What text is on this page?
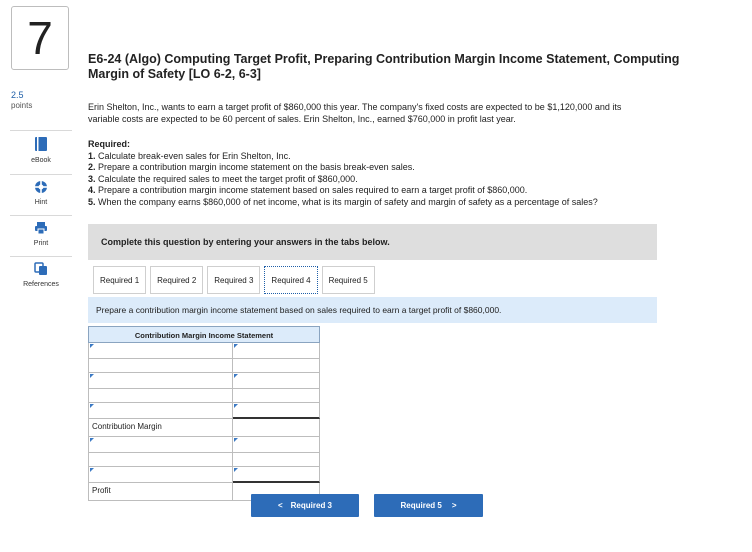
7
2.5
points
eBook
Hint
Print
References
E6-24 (Algo) Computing Target Profit, Preparing Contribution Margin Income Statement, Computing
Margin of Safety [LO 6-2, 6-3]
Erin Shelton, Inc., wants to earn a target profit of $860,000 this year. The company's fixed costs are expected to be $1,120,000 and its
variable costs are expected to be 60 percent of sales. Erin Shelton, Inc., earned $760,000 in profit last year.
Required:
1. Calculate break-even sales for Erin Shelton, Inc.
2. Prepare a contribution margin income statement on the basis break-even sales.
3. Calculate the required sales to meet the target profit of $860,000.
4. Prepare a contribution margin income statement based on sales required to earn a target profit of $860,000.
5. When the company earns $860,000 of net income, what is its margin of safety and margin of safety as a percentage of sales?
Complete this question by entering your answers in the tabs below.
Required 1	Required 2	Required 3	Required 4	Required 5
Prepare a contribution margin income statement based on sales required to earn a target profit of $860,000.
Contribution Margin Income Statement
Contribution Margin
Profit
< Required 3	Required 5 >
